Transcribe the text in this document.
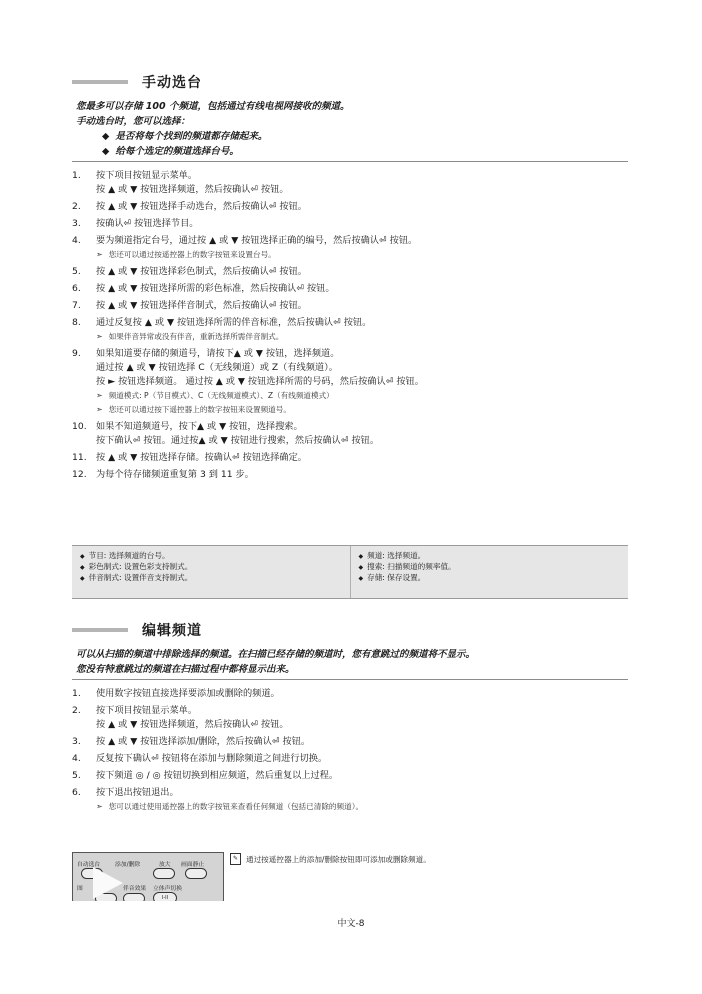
手动选台
您最多可以存储 100 个频道，包括通过有线电视网接收的频道。
手动选台时，您可以选择：
◆ 是否将每个找到的频道都存储起来。
◆ 给每个选定的频道选择台号。
1.	按下项目按钮显示菜单。
按 ▲ 或 ▼ 按钮选择频道，然后按确认⏎ 按钮。
2.	按 ▲ 或 ▼ 按钮选择手动选台，然后按确认⏎ 按钮。
3.	按确认⏎ 按钮选择节目。
4.	要为频道指定台号，通过按 ▲ 或 ▼ 按钮选择正确的编号，然后按确认⏎ 按钮。
➣ 您还可以通过按遥控器上的数字按钮来设置台号。
5.	按 ▲ 或 ▼ 按钮选择彩色制式，然后按确认⏎ 按钮。
6.	按 ▲ 或 ▼ 按钮选择所需的彩色标准，然后按确认⏎ 按钮。
7.	按 ▲ 或 ▼ 按钮选择伴音制式，然后按确认⏎ 按钮。
8.	通过反复按 ▲ 或 ▼ 按钮选择所需的伴音标准，然后按确认⏎ 按钮。
➣ 如果伴音异常或没有伴音，重新选择所需伴音制式。
9.	如果知道要存储的频道号，请按下▲ 或 ▼ 按钮，选择频道。
通过按 ▲ 或 ▼ 按钮选择 C（无线频道）或 Z（有线频道）。
按 ► 按钮选择频道。 通过按 ▲ 或 ▼ 按钮选择所需的号码，然后按确认⏎ 按钮。
➣ 频道模式: P（节目模式）、C（无线频道模式）、Z（有线频道模式）
➣ 您还可以通过按下遥控器上的数字按钮来设置频道号。
10.	如果不知道频道号，按下▲ 或 ▼ 按钮，选择搜索。
按下确认⏎ 按钮。通过按▲ 或 ▼ 按钮进行搜索，然后按确认⏎ 按钮。
11.	按 ▲ 或 ▼ 按钮选择存储。按确认⏎ 按钮选择确定。
12.	为每个待存储频道重复第 3 到 11 步。
◆ 节目: 选择频道的台号。
◆ 彩色制式: 设置色彩支持制式。
◆ 伴音制式: 设置伴音支持制式。
◆ 频道: 选择频道。
◆ 搜索: 扫描频道的频率值。
◆ 存储: 保存设置。
编辑频道
可以从扫描的频道中排除选择的频道。在扫描已经存储的频道时，您有意跳过的频道将不显示。
您没有特意跳过的频道在扫描过程中都将显示出来。
1.	使用数字按钮直接选择要添加或删除的频道。
2.	按下项目按钮显示菜单。
按 ▲ 或 ▼ 按钮选择频道，然后按确认⏎ 按钮。
3.	按 ▲ 或 ▼ 按钮选择添加/删除，然后按确认⏎ 按钮。
4.	反复按下确认⏎ 按钮将在添加与删除频道之间进行切换。
5.	按下频道 ◎ / ◎ 按钮切换到相应频道，然后重复以上过程。
6.	按下退出按钮退出。
➣ 您可以通过使用遥控器上的数字按钮来查看任何频道（包括已清除的频道）。
自动选台	添加/删除	放大 画面静止
图	伴音效果 立体声切换
I-II
✎	通过按遥控器上的添加/删除按钮即可添加或删除频道。
中文-8
